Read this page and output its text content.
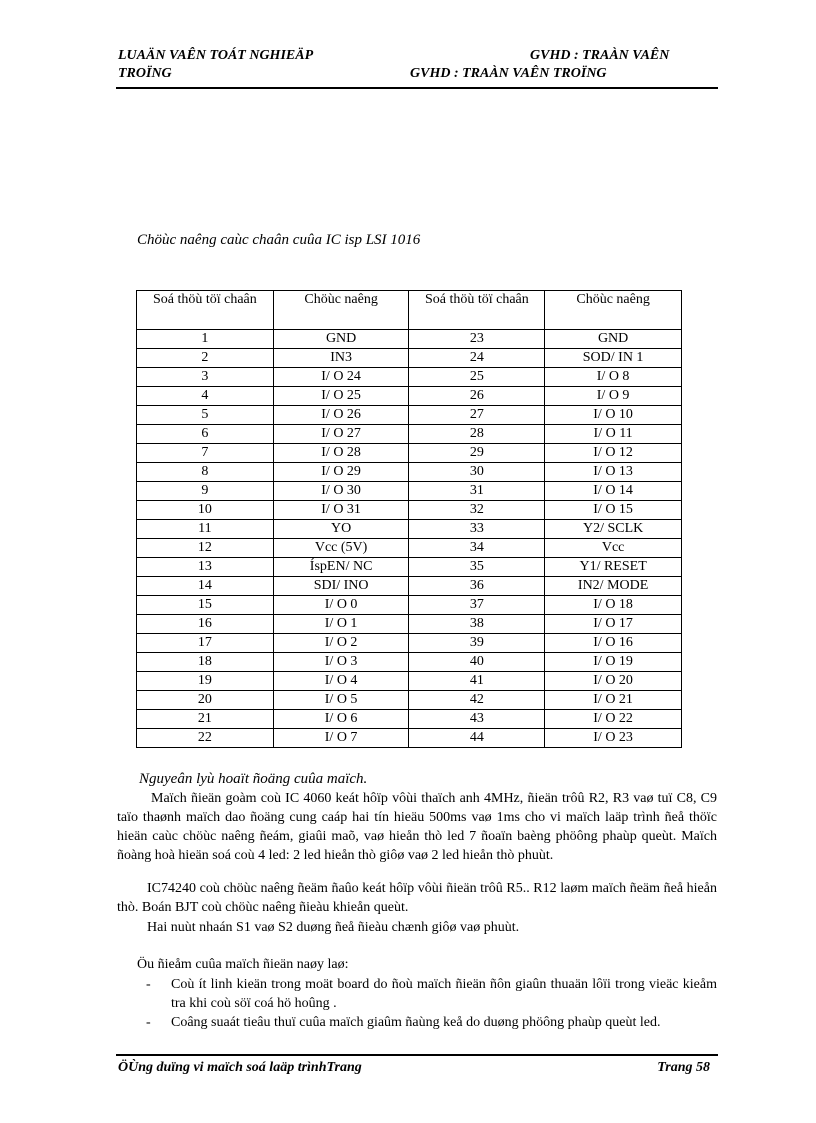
LUAÄN VAÊN TOÁT NGHIEÄP	GVHD : TRAÀN VAÊN
TROÏNG	GVHD : TRAÀN VAÊN TROÏNG
Chöùc naêng caùc chaân cuûa IC isp LSI 1016
Soá thöù töï chaân	Chöùc naêng	Soá thöù töï chaân	Chöùc naêng
1	GND	23	GND
2	IN3	24	SOD/ IN 1
3	I/ O 24	25	I/ O 8
4	I/ O 25	26	I/ O 9
5	I/ O 26	27	I/ O 10
6	I/ O 27	28	I/ O 11
7	I/ O 28	29	I/ O 12
8	I/ O 29	30	I/ O 13
9	I/ O 30	31	I/ O 14
10	I/ O 31	32	I/ O 15
11	YO	33	Y2/ SCLK
12	Vcc (5V)	34	Vcc
13	ÍspEN/ NC	35	Y1/ RESET
14	SDI/ INO	36	IN2/ MODE
15	I/ O 0	37	I/ O 18
16	I/ O 1	38	I/ O 17
17	I/ O 2	39	I/ O 16
18	I/ O 3	40	I/ O 19
19	I/ O 4	41	I/ O 20
20	I/ O 5	42	I/ O 21
21	I/ O 6	43	I/ O 22
22	I/ O 7	44	I/ O 23
Nguyeân lyù hoaït ñoäng cuûa maïch.

Maïch ñieän goàm coù IC 4060 keát hôïp vôùi thaïch anh 4MHz, ñieän trôû R2, R3 vaø tuï C8, C9 taïo thaønh maïch dao ñoäng cung caáp hai tín hieäu 500ms vaø 1ms cho vi maïch laäp trình ñeå thöïc hieän caùc chöùc naêng ñeám, giaûi maõ, vaø hieån thò led 7 ñoaïn baèng phöông phaùp queùt. Maïch ñoàng hoà hieän soá coù 4 led: 2 led hieån thò giôø vaø 2 led hieån thò phuùt.

IC74240 coù chöùc naêng ñeäm ñaûo keát hôïp vôùi ñieän trôû R5.. R12 laøm maïch ñeäm ñeå hieån thò. Boán BJT coù chöùc naêng ñieàu khieån queùt.

Hai nuùt nhaán S1 vaø S2 duøng ñeå ñieàu chænh giôø vaø phuùt.

Öu ñieåm cuûa maïch ñieän naøy laø:
- Coù ít linh kieän trong moät board do ñoù maïch ñieän ñôn giaûn thuaän lôïi trong vieäc kieåm tra khi coù söï coá hö hoûng .
- Coâng suaát tieâu thuï cuûa maïch giaûm ñaùng keå do duøng phöông phaùp queùt led.
ÖÙng duïng vi maïch soá laäp trìnhTrang	Trang 58
